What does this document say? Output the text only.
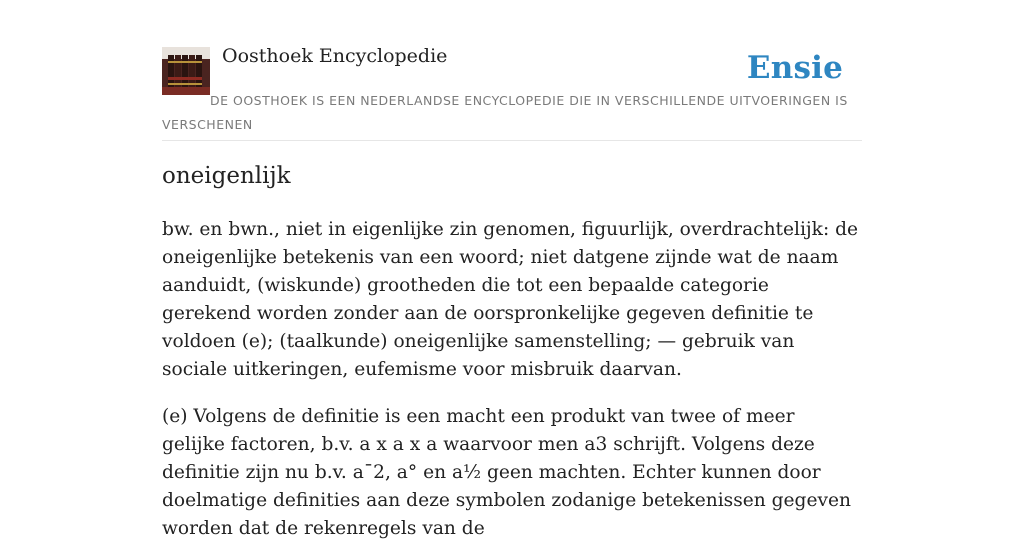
Oosthoek Encyclopedie	Ensie
DE OOSTHOEK IS EEN NEDERLANDSE ENCYCLOPEDIE DIE IN VERSCHILLENDE UITVOERINGEN IS VERSCHENEN
oneigenlijk

bw. en bwn., niet in eigenlijke zin genomen, figuurlijk, overdrachtelijk: de oneigenlijke betekenis van een woord; niet datgene zijnde wat de naam aanduidt, (wiskunde) grootheden die tot een bepaalde categorie gerekend worden zonder aan de oorspronkelijke gegeven definitie te voldoen (e); (taalkunde) oneigenlijke samenstelling; — gebruik van sociale uitkeringen, eufemisme voor misbruik daarvan.

(e) Volgens de definitie is een macht een produkt van twee of meer gelijke factoren, b.v. a x a x a waarvoor men a3 schrijft. Volgens deze definitie zijn nu b.v. a¯2, a° en a½ geen machten. Echter kunnen door doelmatige definities aan deze symbolen zodanige betekenissen gegeven worden dat de rekenregels van de
